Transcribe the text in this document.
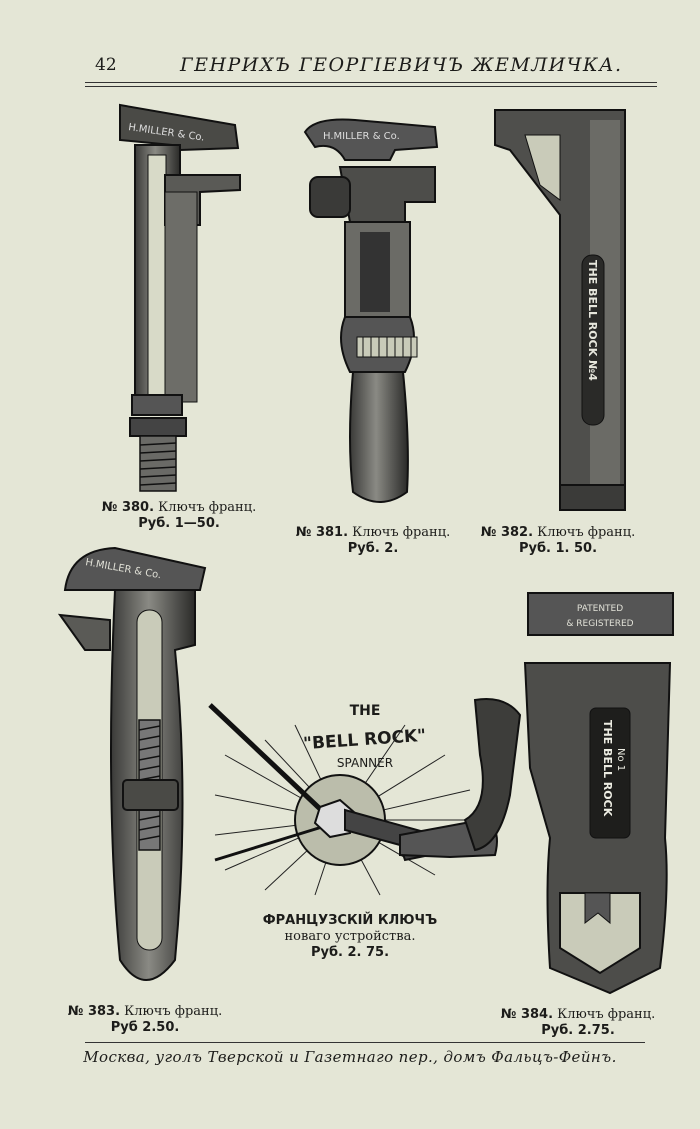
42	ГЕНРИХЪ ГЕОРГІЕВИЧЪ ЖЕМЛИЧКА.
H.MILLER & Co.
№ 380. Ключъ франц.
Руб. 1—50.
H.MILLER & Co.
№ 381. Ключъ франц.
Руб. 2.
THE BELL ROCK №4
№ 382. Ключъ франц.
Руб. 1. 50.
H.MILLER & Co.
№ 383. Ключъ франц.
Руб 2.50.
THE
"BELL ROCK"
SPANNER
ФРАНЦУЗСКІЙ КЛЮЧЪ
новаго устройства.
Руб. 2. 75.
PATENTED
& REGISTERED
THE BELL ROCK No 1
№ 384. Ключъ франц.
Руб. 2.75.
Москва, уголъ Тверской и Газетнаго пер., домъ Фальцъ-Фейнъ.
